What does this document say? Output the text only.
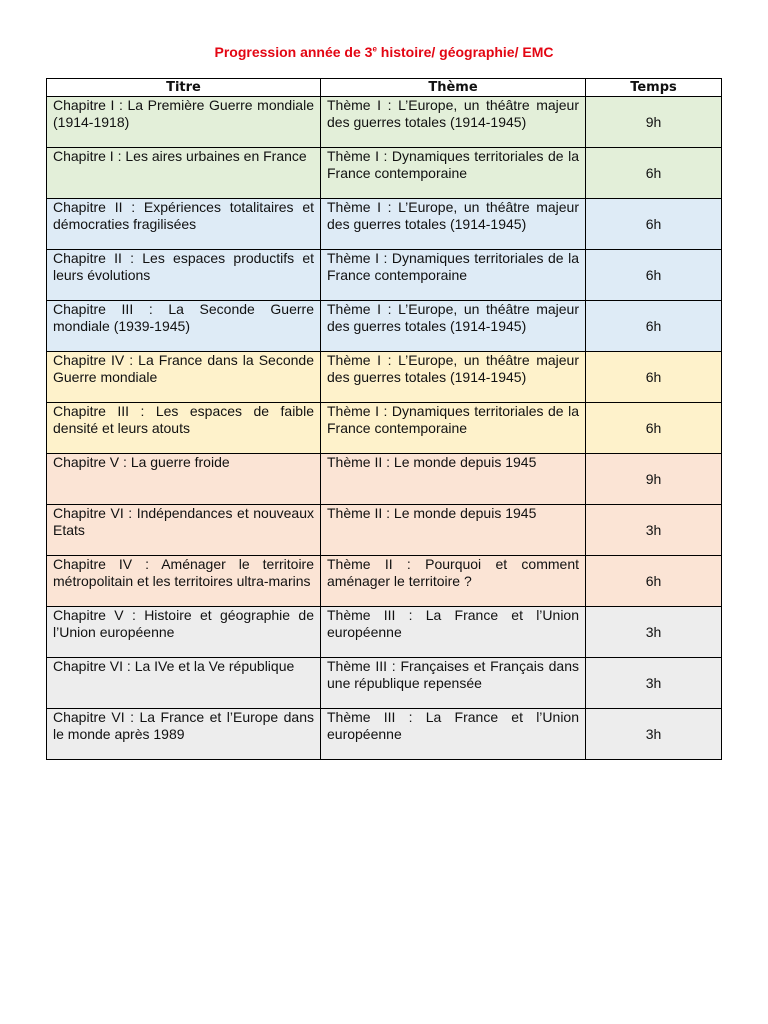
Progression année de 3e histoire/ géographie/ EMC
Titre	Thème	Temps
Chapitre I : La Première Guerre mondiale (1914-1918)	Thème I : L’Europe, un théâtre majeur des guerres totales (1914-1945)	9h
Chapitre I : Les aires urbaines en France	Thème I : Dynamiques territoriales de la France contemporaine	6h
Chapitre II : Expériences totalitaires et démocraties fragilisées	Thème I : L’Europe, un théâtre majeur des guerres totales (1914-1945)	6h
Chapitre II : Les espaces productifs et leurs évolutions	Thème I : Dynamiques territoriales de la France contemporaine	6h
Chapitre III : La Seconde Guerre mondiale (1939-1945)	Thème I : L’Europe, un théâtre majeur des guerres totales (1914-1945)	6h
Chapitre IV : La France dans la Seconde Guerre mondiale	Thème I : L’Europe, un théâtre majeur des guerres totales (1914-1945)	6h
Chapitre III : Les espaces de faible densité et leurs atouts	Thème I : Dynamiques territoriales de la France contemporaine	6h
Chapitre V : La guerre froide	Thème II : Le monde depuis 1945	9h
Chapitre VI : Indépendances et nouveaux Etats	Thème II : Le monde depuis 1945	3h
Chapitre IV : Aménager le territoire métropolitain et les territoires ultra-marins	Thème II : Pourquoi et comment aménager le territoire ?	6h
Chapitre V : Histoire et géographie de l’Union européenne	Thème III : La France et l’Union européenne	3h
Chapitre VI : La IVe et la Ve république	Thème III : Françaises et Français dans une république repensée	3h
Chapitre VI : La France et l’Europe dans le monde après 1989	Thème III : La France et l’Union européenne	3h
